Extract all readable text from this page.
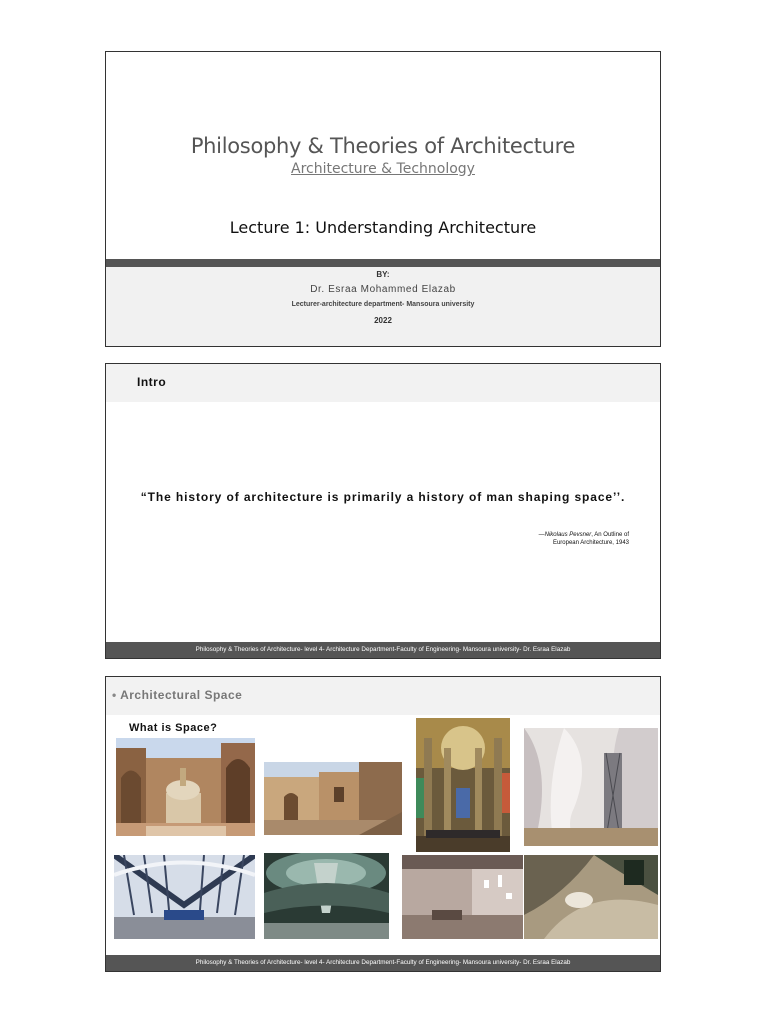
Philosophy & Theories of Architecture
Architecture & Technology
Lecture 1: Understanding Architecture
BY:
Dr. Esraa Mohammed Elazab
Lecturer-architecture department- Mansoura university
2022
Intro
“The history of architecture is primarily a history of man shaping space’’.
—Nikolaus Pevsner, An Outline of
European Architecture, 1943
Philosophy & Theories of Architecture- level 4- Architecture Department-Faculty of Engineering- Mansoura university- Dr. Esraa Elazab
• Architectural Space
What is Space?
Philosophy & Theories of Architecture- level 4- Architecture Department-Faculty of Engineering- Mansoura university- Dr. Esraa Elazab
